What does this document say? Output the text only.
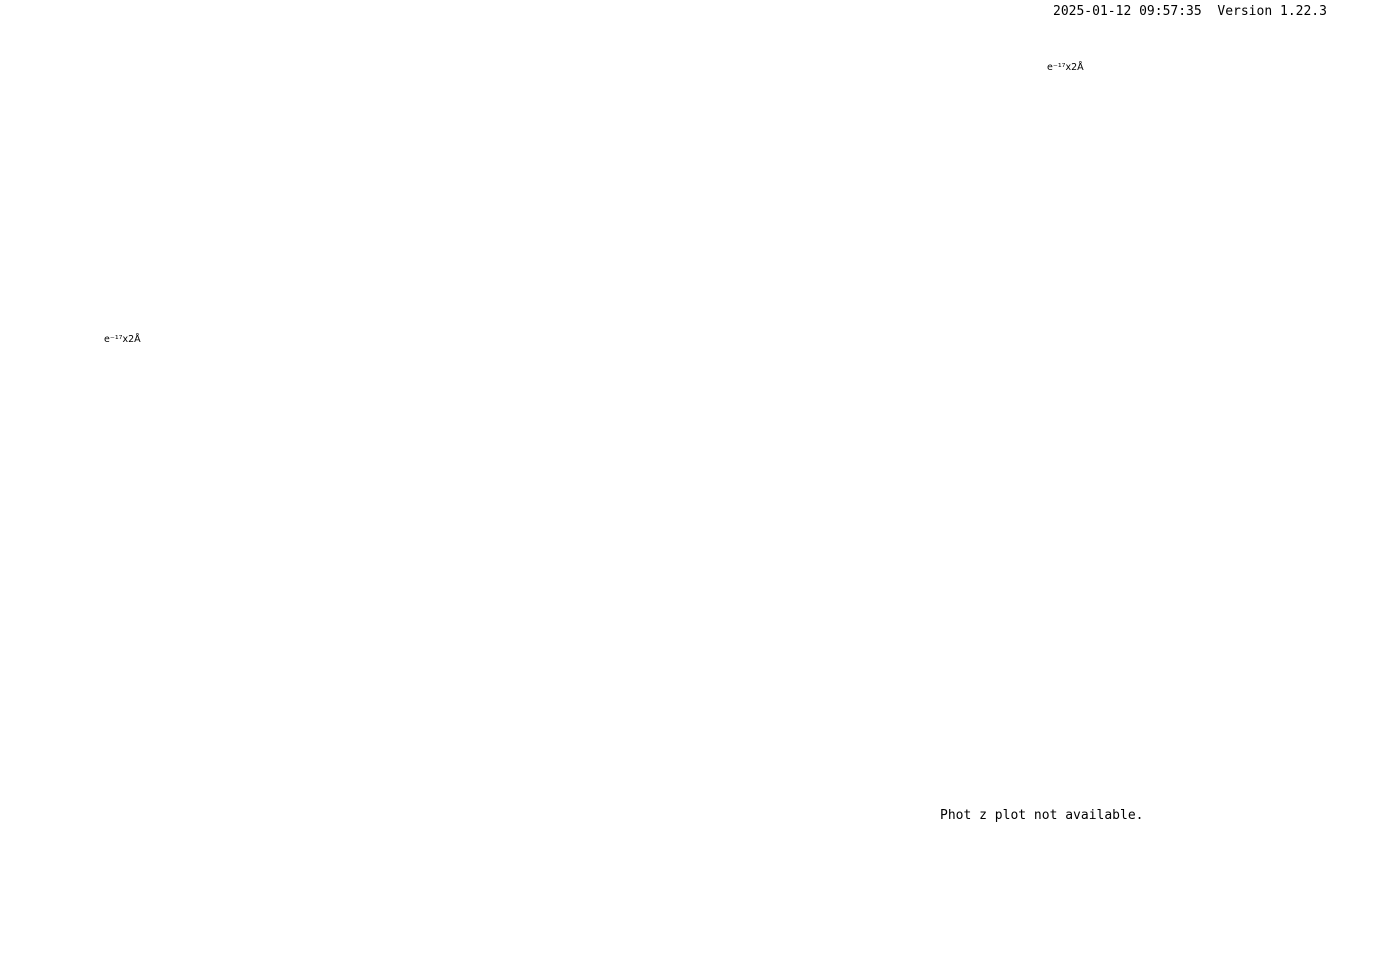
2025-01-12 09:57:35 Version 1.22.3
e⁻¹⁷x2Å
e⁻¹⁷x2Å
Phot z plot not available.
